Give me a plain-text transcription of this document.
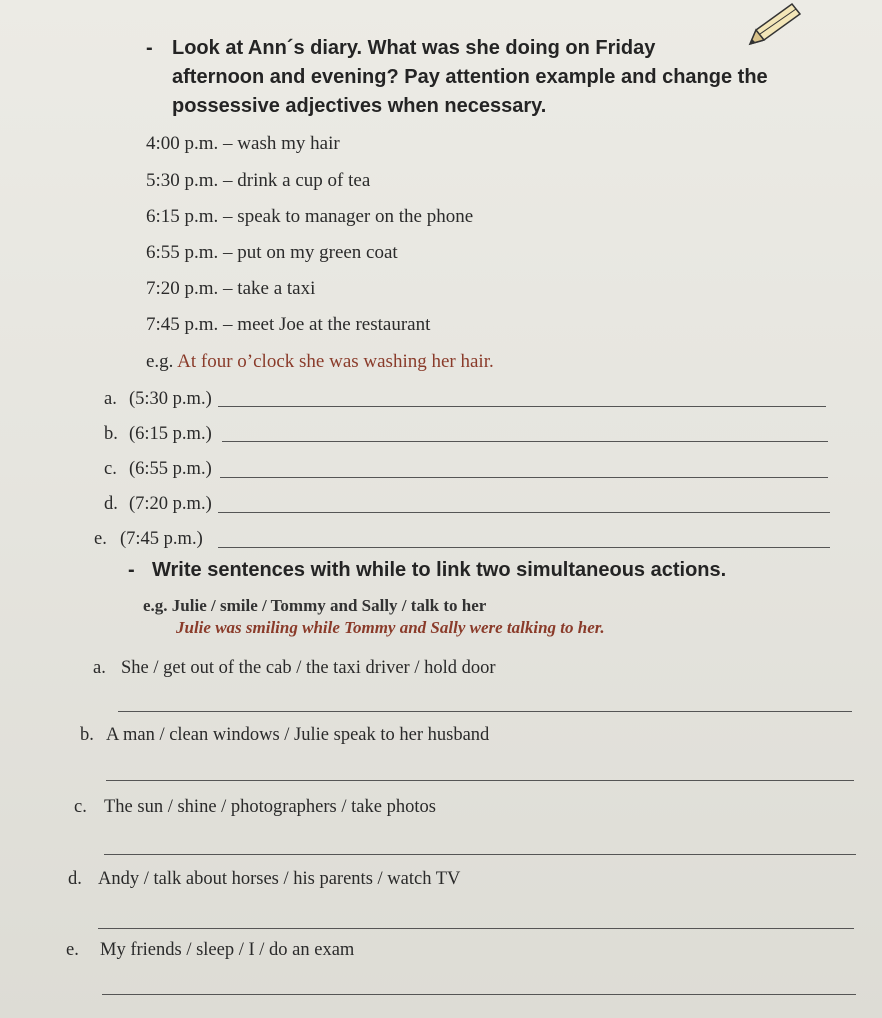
- Look at Ann´s diary. What was she doing on Friday
afternoon and evening? Pay attention example and change the
possessive adjectives when necessary.
4:00 p.m. – wash my hair
5:30 p.m. – drink a cup of tea
6:15 p.m. – speak to manager on the phone
6:55 p.m. – put on my green coat
7:20 p.m. – take a taxi
7:45 p.m. – meet Joe at the restaurant
e.g. At four o’clock she was washing her hair.
a. (5:30 p.m.)
b. (6:15 p.m.)
c. (6:55 p.m.)
d. (7:20 p.m.)
e. (7:45 p.m.)
- Write sentences with while to link two simultaneous actions.
e.g. Julie / smile / Tommy and Sally / talk to her
Julie was smiling while Tommy and Sally were talking to her.
a. She / get out of the cab / the taxi driver / hold door
b. A man / clean windows / Julie speak to her husband
c. The sun / shine / photographers / take photos
d. Andy / talk about horses / his parents / watch TV
e. My friends / sleep / I / do an exam
